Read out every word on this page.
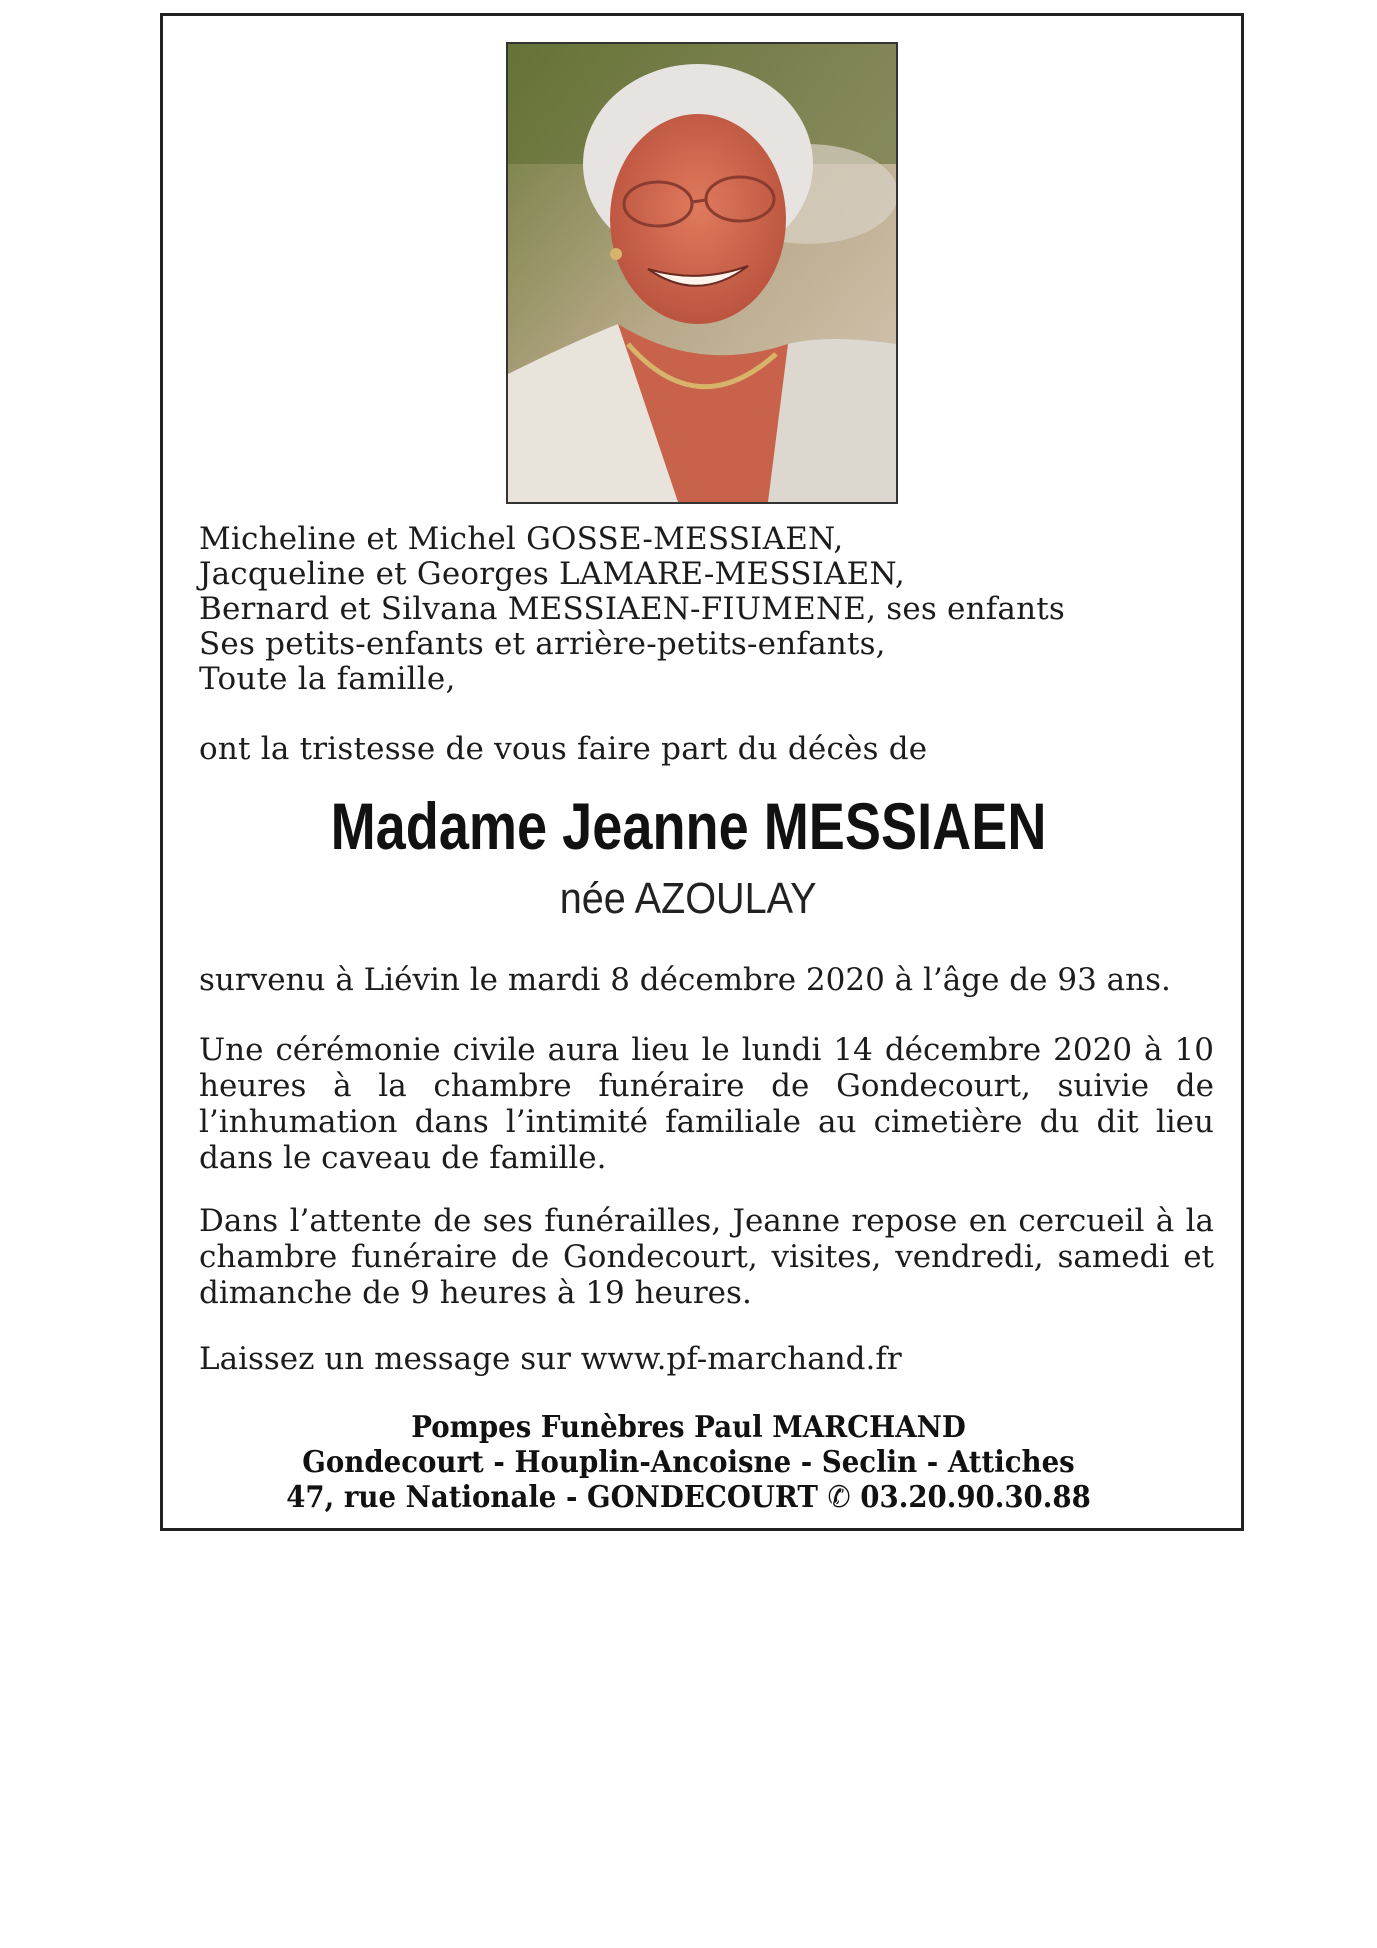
Micheline et Michel GOSSE-MESSIAEN,
Jacqueline et Georges LAMARE-MESSIAEN,
Bernard et Silvana MESSIAEN-FIUMENE, ses enfants
Ses petits-enfants et arrière-petits-enfants,
Toute la famille,
ont la tristesse de vous faire part du décès de
Madame Jeanne MESSIAEN
née AZOULAY
survenu à Liévin le mardi 8 décembre 2020 à l’âge de 93 ans.
Une cérémonie civile aura lieu le lundi 14 décembre 2020 à 10 heures à la chambre funéraire de Gondecourt, suivie de l’inhumation dans l’intimité familiale au cimetière du dit lieu dans le caveau de famille.
Dans l’attente de ses funérailles, Jeanne repose en cercueil à la chambre funéraire de Gondecourt, visites, vendredi, samedi et dimanche de 9 heures à 19 heures.
Laissez un message sur www.pf-marchand.fr
Pompes Funèbres Paul MARCHAND
Gondecourt - Houplin-Ancoisne - Seclin - Attiches
47, rue Nationale - GONDECOURT ✆ 03.20.90.30.88
